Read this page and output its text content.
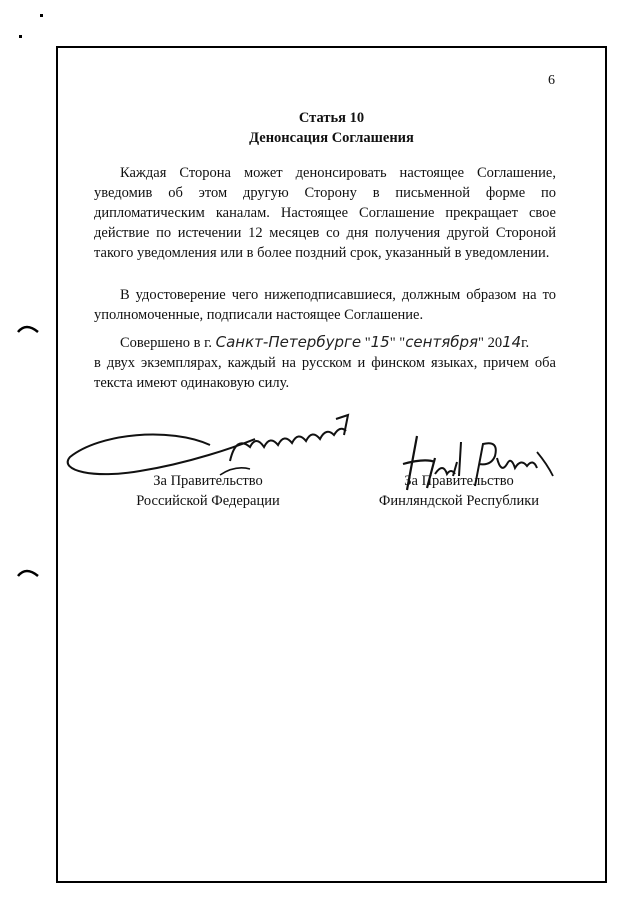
6
Статья 10
Денонсация Соглашения
Каждая Сторона может денонсировать настоящее Соглашение, уведомив об этом другую Сторону в письменной форме по дипломатическим каналам. Настоящее Соглашение прекращает свое действие по истечении 12 месяцев со дня получения другой Стороной такого уведомления или в более поздний срок, указанный в уведомлении.
В удостоверение чего нижеподписавшиеся, должным образом на то уполномоченные, подписали настоящее Соглашение.
Совершено в г. Санкт-Петербурге "15" "сентября" 2014г.
в двух экземплярах, каждый на русском и финском языках, причем оба текста имеют одинаковую силу.
За Правительство
Российской Федерации
За Правительство
Финляндской Республики
